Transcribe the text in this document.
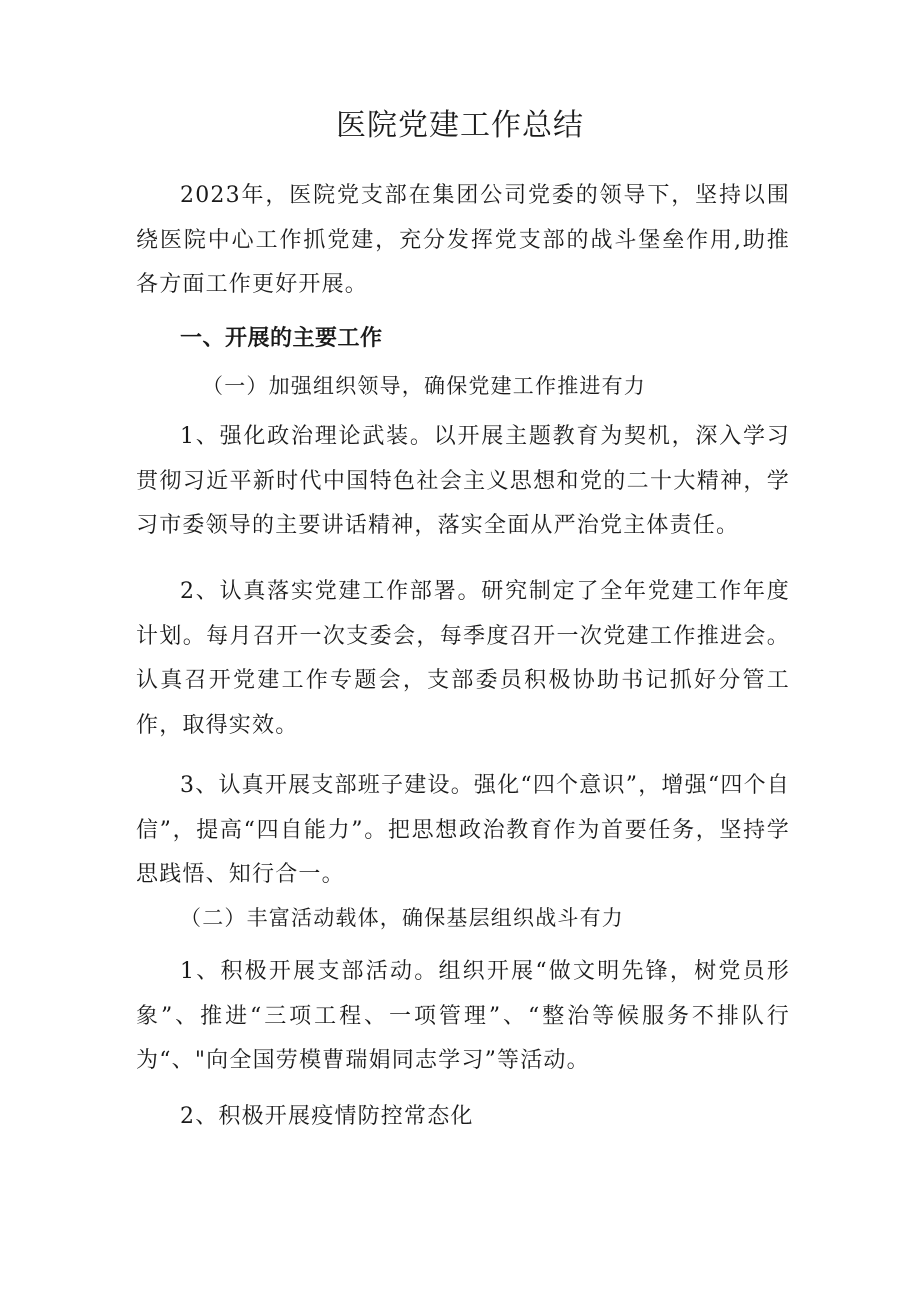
医院党建工作总结

2023年，医院党支部在集团公司党委的领导下，坚持以围绕医院中心工作抓党建，充分发挥党支部的战斗堡垒作用,助推各方面工作更好开展。

一、开展的主要工作
（一）加强组织领导，确保党建工作推进有力

1、强化政治理论武装。以开展主题教育为契机，深入学习贯彻习近平新时代中国特色社会主义思想和党的二十大精神，学习市委领导的主要讲话精神，落实全面从严治党主体责任。

2、认真落实党建工作部署。研究制定了全年党建工作年度计划。每月召开一次支委会，每季度召开一次党建工作推进会。认真召开党建工作专题会，支部委员积极协助书记抓好分管工作，取得实效。

3、认真开展支部班子建设。强化“四个意识”，增强“四个自信”，提高“四自能力”。把思想政治教育作为首要任务，坚持学思践悟、知行合一。

（二）丰富活动载体，确保基层组织战斗有力

1、积极开展支部活动。组织开展“做文明先锋，树党员形象”、推进“三项工程、一项管理”、“整治等候服务不排队行为“、"向全国劳模曹瑞娟同志学习”等活动。

2、积极开展疫情防控常态化
